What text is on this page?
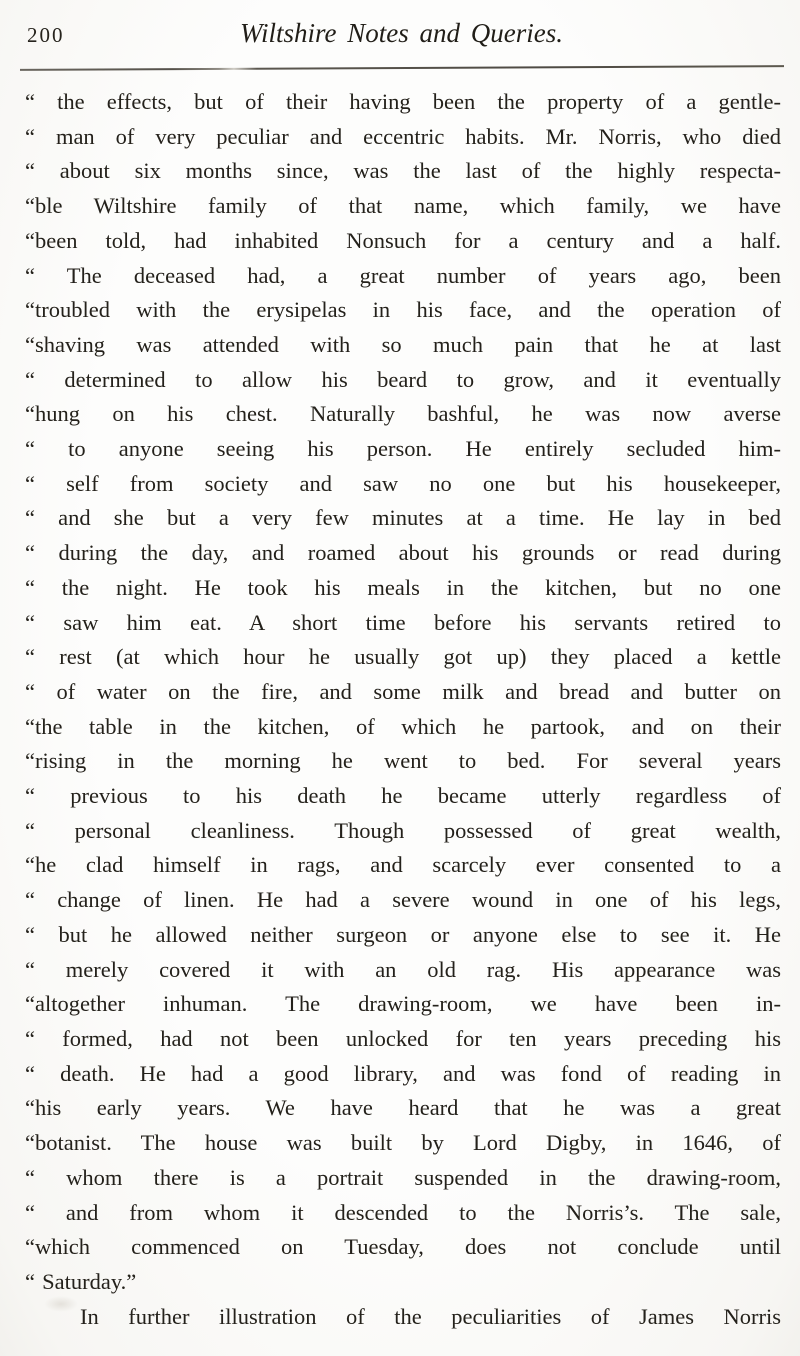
200	Wiltshire Notes and Queries.

“ the effects, but of their having been the property of a gentle-

“ man of very peculiar and eccentric habits. Mr. Norris, who died

“ about six months since, was the last of the highly respecta-

“ble Wiltshire family of that name, which family, we have

“been told, had inhabited Nonsuch for a century and a half.

“ The deceased had, a great number of years ago, been

“troubled with the erysipelas in his face, and the operation of

“shaving was attended with so much pain that he at last

“ determined to allow his beard to grow, and it eventually

“hung on his chest. Naturally bashful, he was now averse

“ to anyone seeing his person. He entirely secluded him-

“ self from society and saw no one but his housekeeper,

“ and she but a very few minutes at a time. He lay in bed

“ during the day, and roamed about his grounds or read during

“ the night. He took his meals in the kitchen, but no one

“ saw him eat. A short time before his servants retired to

“ rest (at which hour he usually got up) they placed a kettle

“ of water on the fire, and some milk and bread and butter on

“the table in the kitchen, of which he partook, and on their

“rising in the morning he went to bed. For several years

“ previous to his death he became utterly regardless of

“ personal cleanliness. Though possessed of great wealth,

“he clad himself in rags, and scarcely ever consented to a

“ change of linen. He had a severe wound in one of his legs,

“ but he allowed neither surgeon or anyone else to see it. He

“ merely covered it with an old rag. His appearance was

“altogether inhuman. The drawing-room, we have been in-

“ formed, had not been unlocked for ten years preceding his

“ death. He had a good library, and was fond of reading in

“his early years. We have heard that he was a great

“botanist. The house was built by Lord Digby, in 1646, of

“ whom there is a portrait suspended in the drawing-room,

“ and from whom it descended to the Norris’s. The sale,

“which commenced on Tuesday, does not conclude until

“ Saturday.”

In further illustration of the peculiarities of James Norris
